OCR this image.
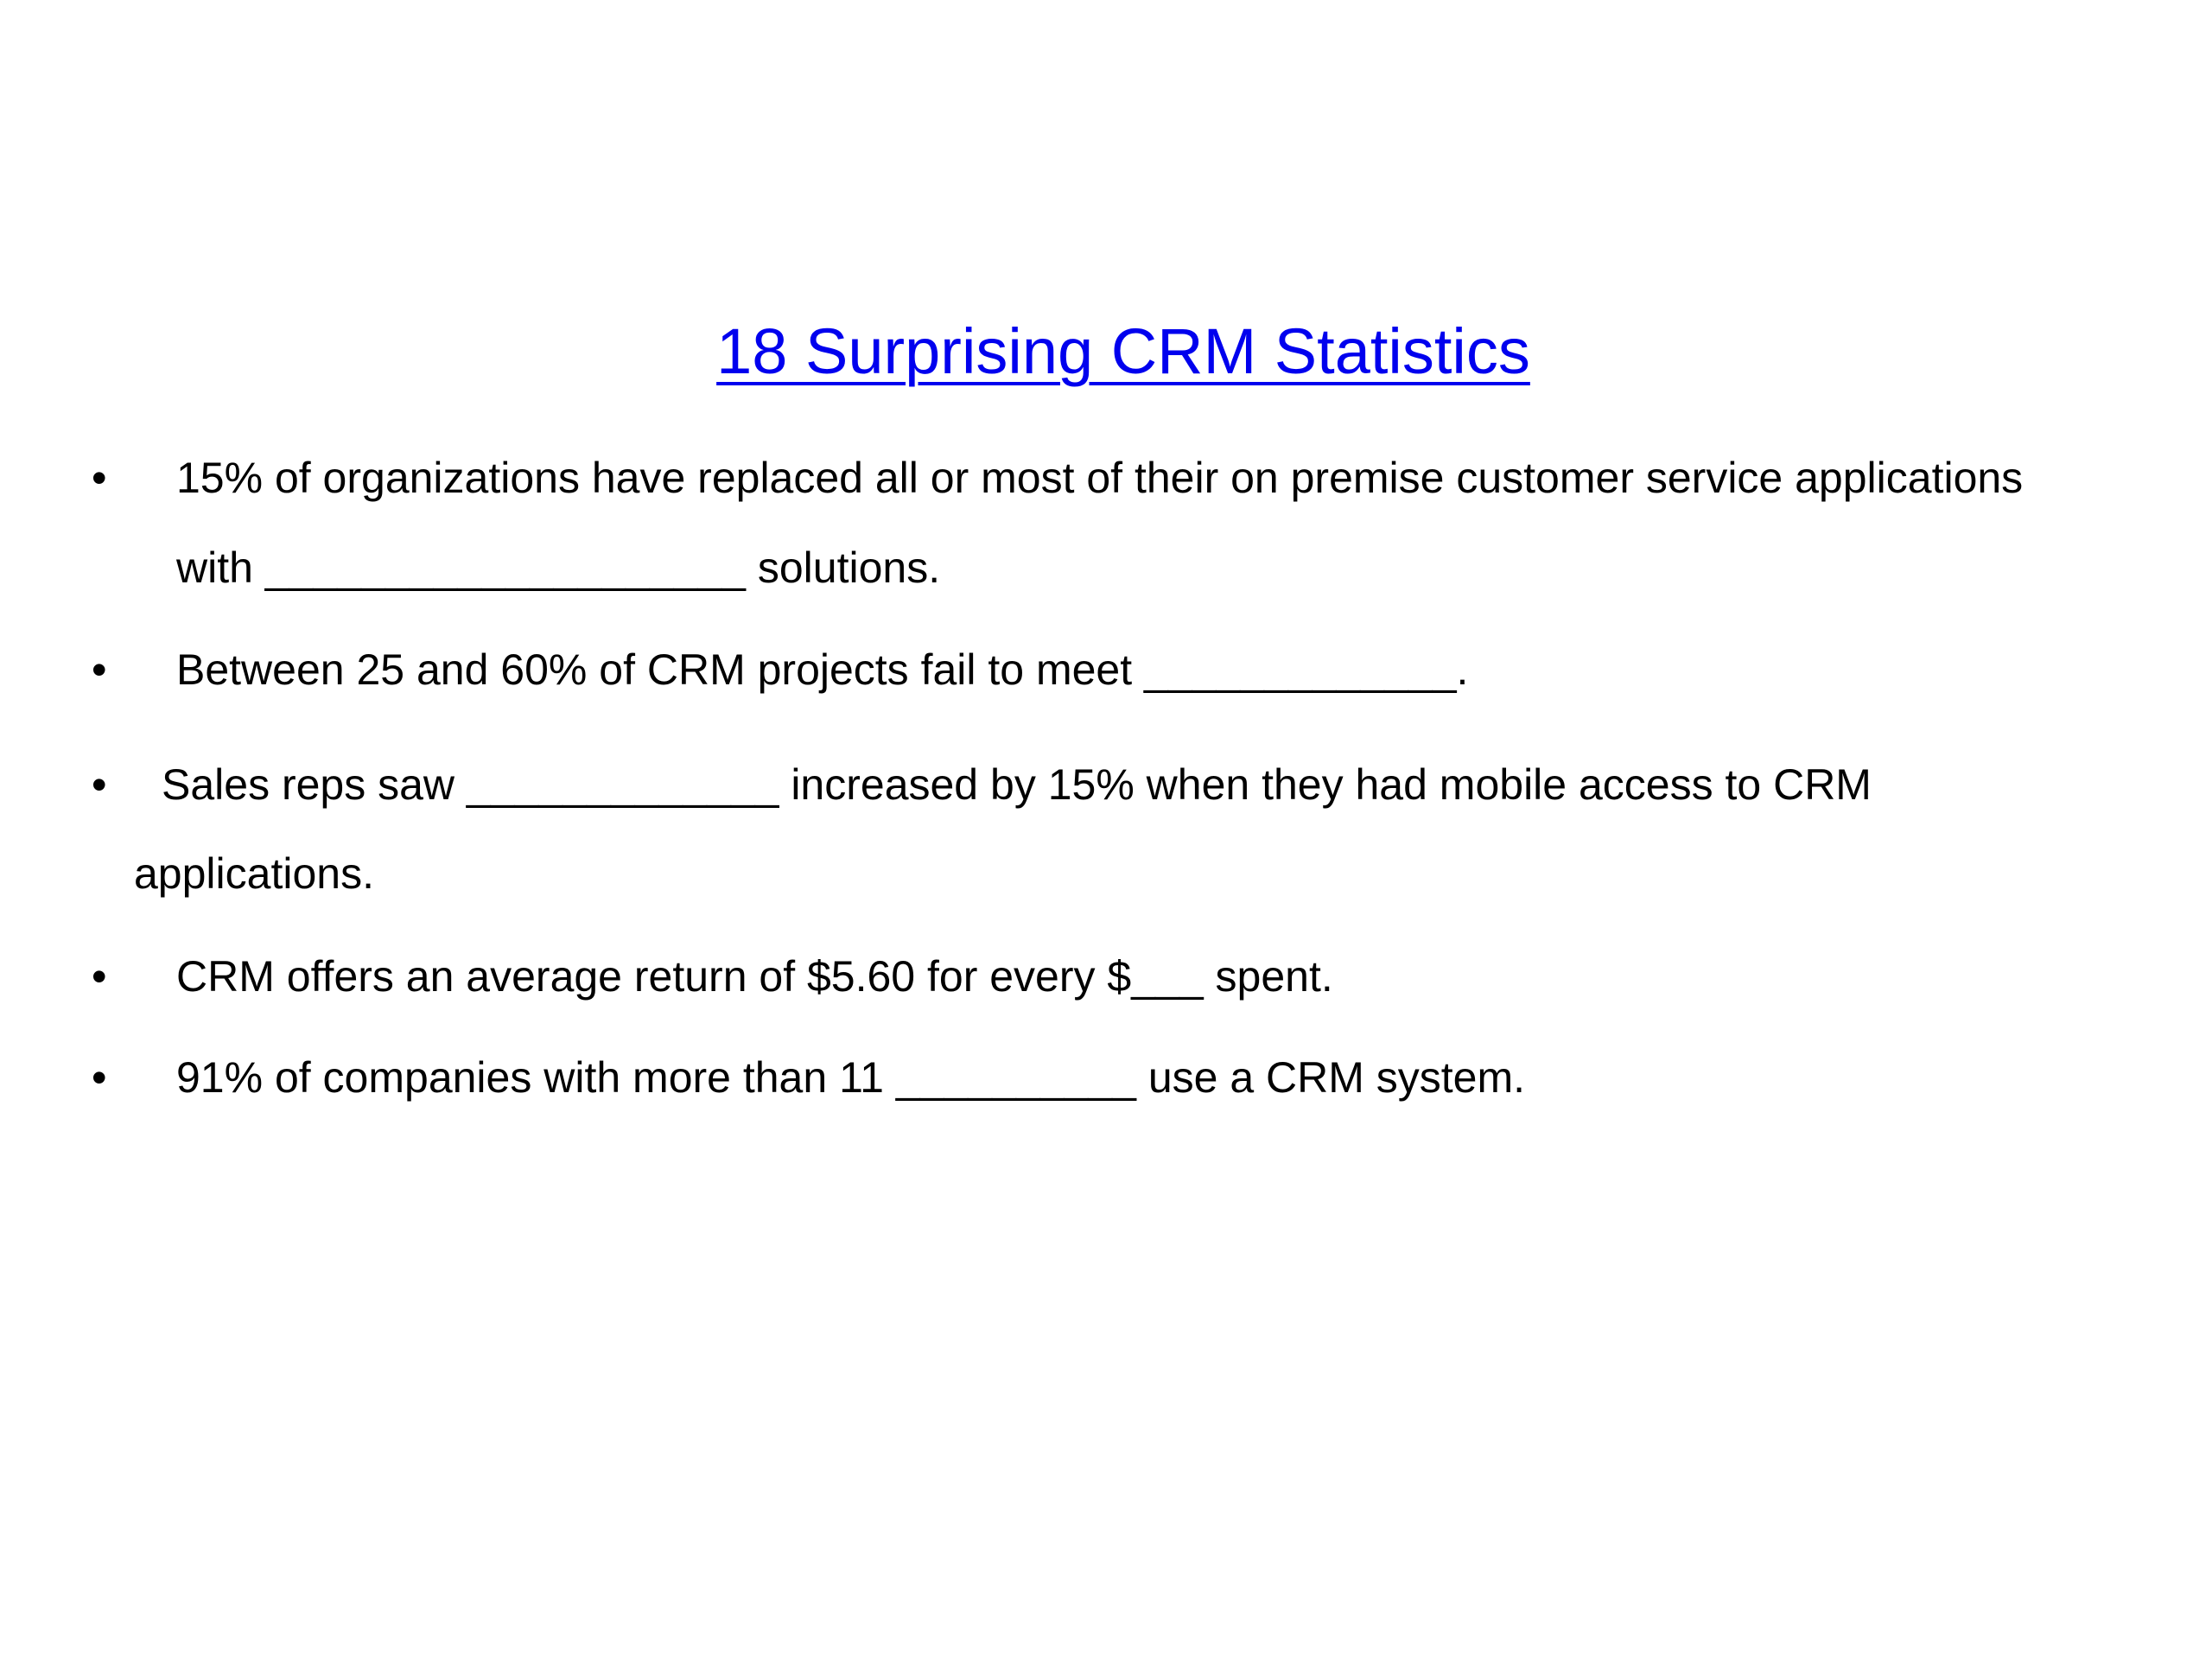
18 Surprising CRM Statistics
• 15% of organizations have replaced all or most of their on premise customer service applications
with ____________________ solutions.
• Between 25 and 60% of CRM projects fail to meet _____________.
• Sales reps saw _____________ increased by 15% when they had mobile access to CRM
applications.
• CRM offers an average return of $5.60 for every $___ spent.
• 91% of companies with more than 11 __________ use a CRM system.
